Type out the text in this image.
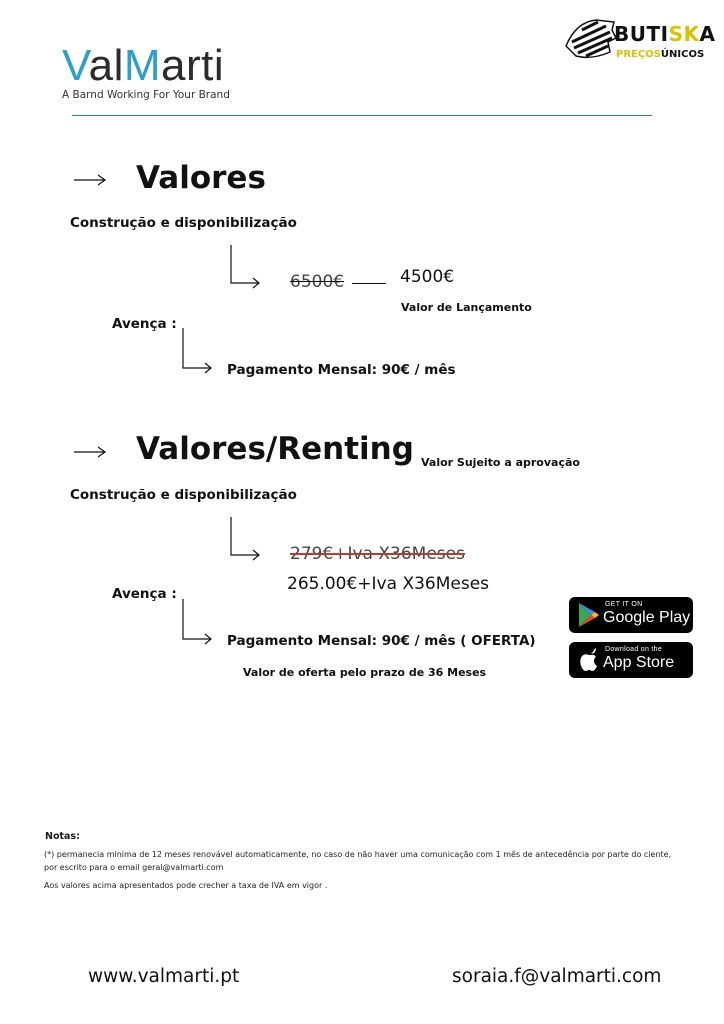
ValMarti
A Barnd Working For Your Brand
BUTISKA
PREÇOSÚNICOS
Valores
Construção e disponibilização
6500€	4500€
Valor de Lançamento
Avença :
Pagamento Mensal: 90€ / mês
Valores/Renting Valor Sujeito a aprovação
Construção e disponibilização
279€+Iva X36Meses
265.00€+Iva X36Meses
Avença :
Pagamento Mensal: 90€ / mês ( OFERTA)
Valor de oferta pelo prazo de 36 Meses
GET IT ON
Google Play
Download on the
App Store
Notas:
(*) permanecia minima de 12 meses renovável automaticamente, no caso de não haver uma comunicação com 1 mês de antecedência por parte do ciente, por escrito para o email geral@valmarti.com
Aos valores acima apresentados pode crecher a taxa de IVA em vigor .
www.valmarti.pt	soraia.f@valmarti.com
